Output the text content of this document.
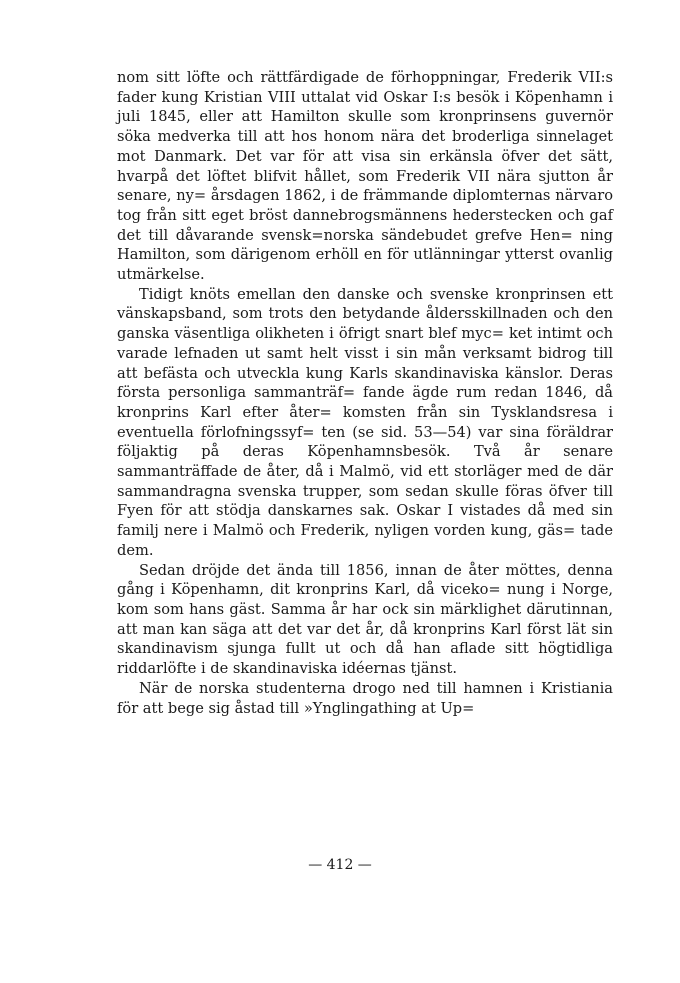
nom sitt löfte och rättfärdigade de förhoppningar, Frederik VII:s fader kung Kristian VIII uttalat vid Oskar I:s besök i Köpenhamn i juli 1845, eller att Hamilton skulle som kronprinsens guvernör söka medverka till att hos honom nära det broderliga sinnelaget mot Danmark. Det var för att visa sin erkänsla öfver det sätt, hvarpå det löftet blifvit hållet, som Frederik VII nära sjutton år senare, ny= årsdagen 1862, i de främmande diplomternas närvaro tog från sitt eget bröst dannebrogsmännens hederstecken och gaf det till dåvarande svensk=norska sändebudet grefve Hen= ning Hamilton, som därigenom erhöll en för utlänningar ytterst ovanlig utmärkelse.

Tidigt knöts emellan den danske och svenske kronprinsen ett vänskapsband, som trots den betydande åldersskillnaden och den ganska väsentliga olikheten i öfrigt snart blef myc= ket intimt och varade lefnaden ut samt helt visst i sin mån verksamt bidrog till att befästa och utveckla kung Karls skandinaviska känslor. Deras första personliga sammanträf= fande ägde rum redan 1846, då kronprins Karl efter åter= komsten från sin Tysklandsresa i eventuella förlofningssyf= ten (se sid. 53—54) var sina föräldrar följaktig på deras Köpenhamnsbesök. Två år senare sammanträffade de åter, då i Malmö, vid ett storläger med de där sammandragna svenska trupper, som sedan skulle föras öfver till Fyen för att stödja danskarnes sak. Oskar I vistades då med sin familj nere i Malmö och Frederik, nyligen vorden kung, gäs= tade dem.

Sedan dröjde det ända till 1856, innan de åter möttes, denna gång i Köpenhamn, dit kronprins Karl, då viceko= nung i Norge, kom som hans gäst. Samma år har ock sin märklighet därutinnan, att man kan säga att det var det år, då kronprins Karl först lät sin skandinavism sjunga fullt ut och då han aflade sitt högtidliga riddarlöfte i de skandinaviska idéernas tjänst.

När de norska studenterna drogo ned till hamnen i Kristiania för att bege sig åstad till »Ynglingathing at Up=

— 412 —
